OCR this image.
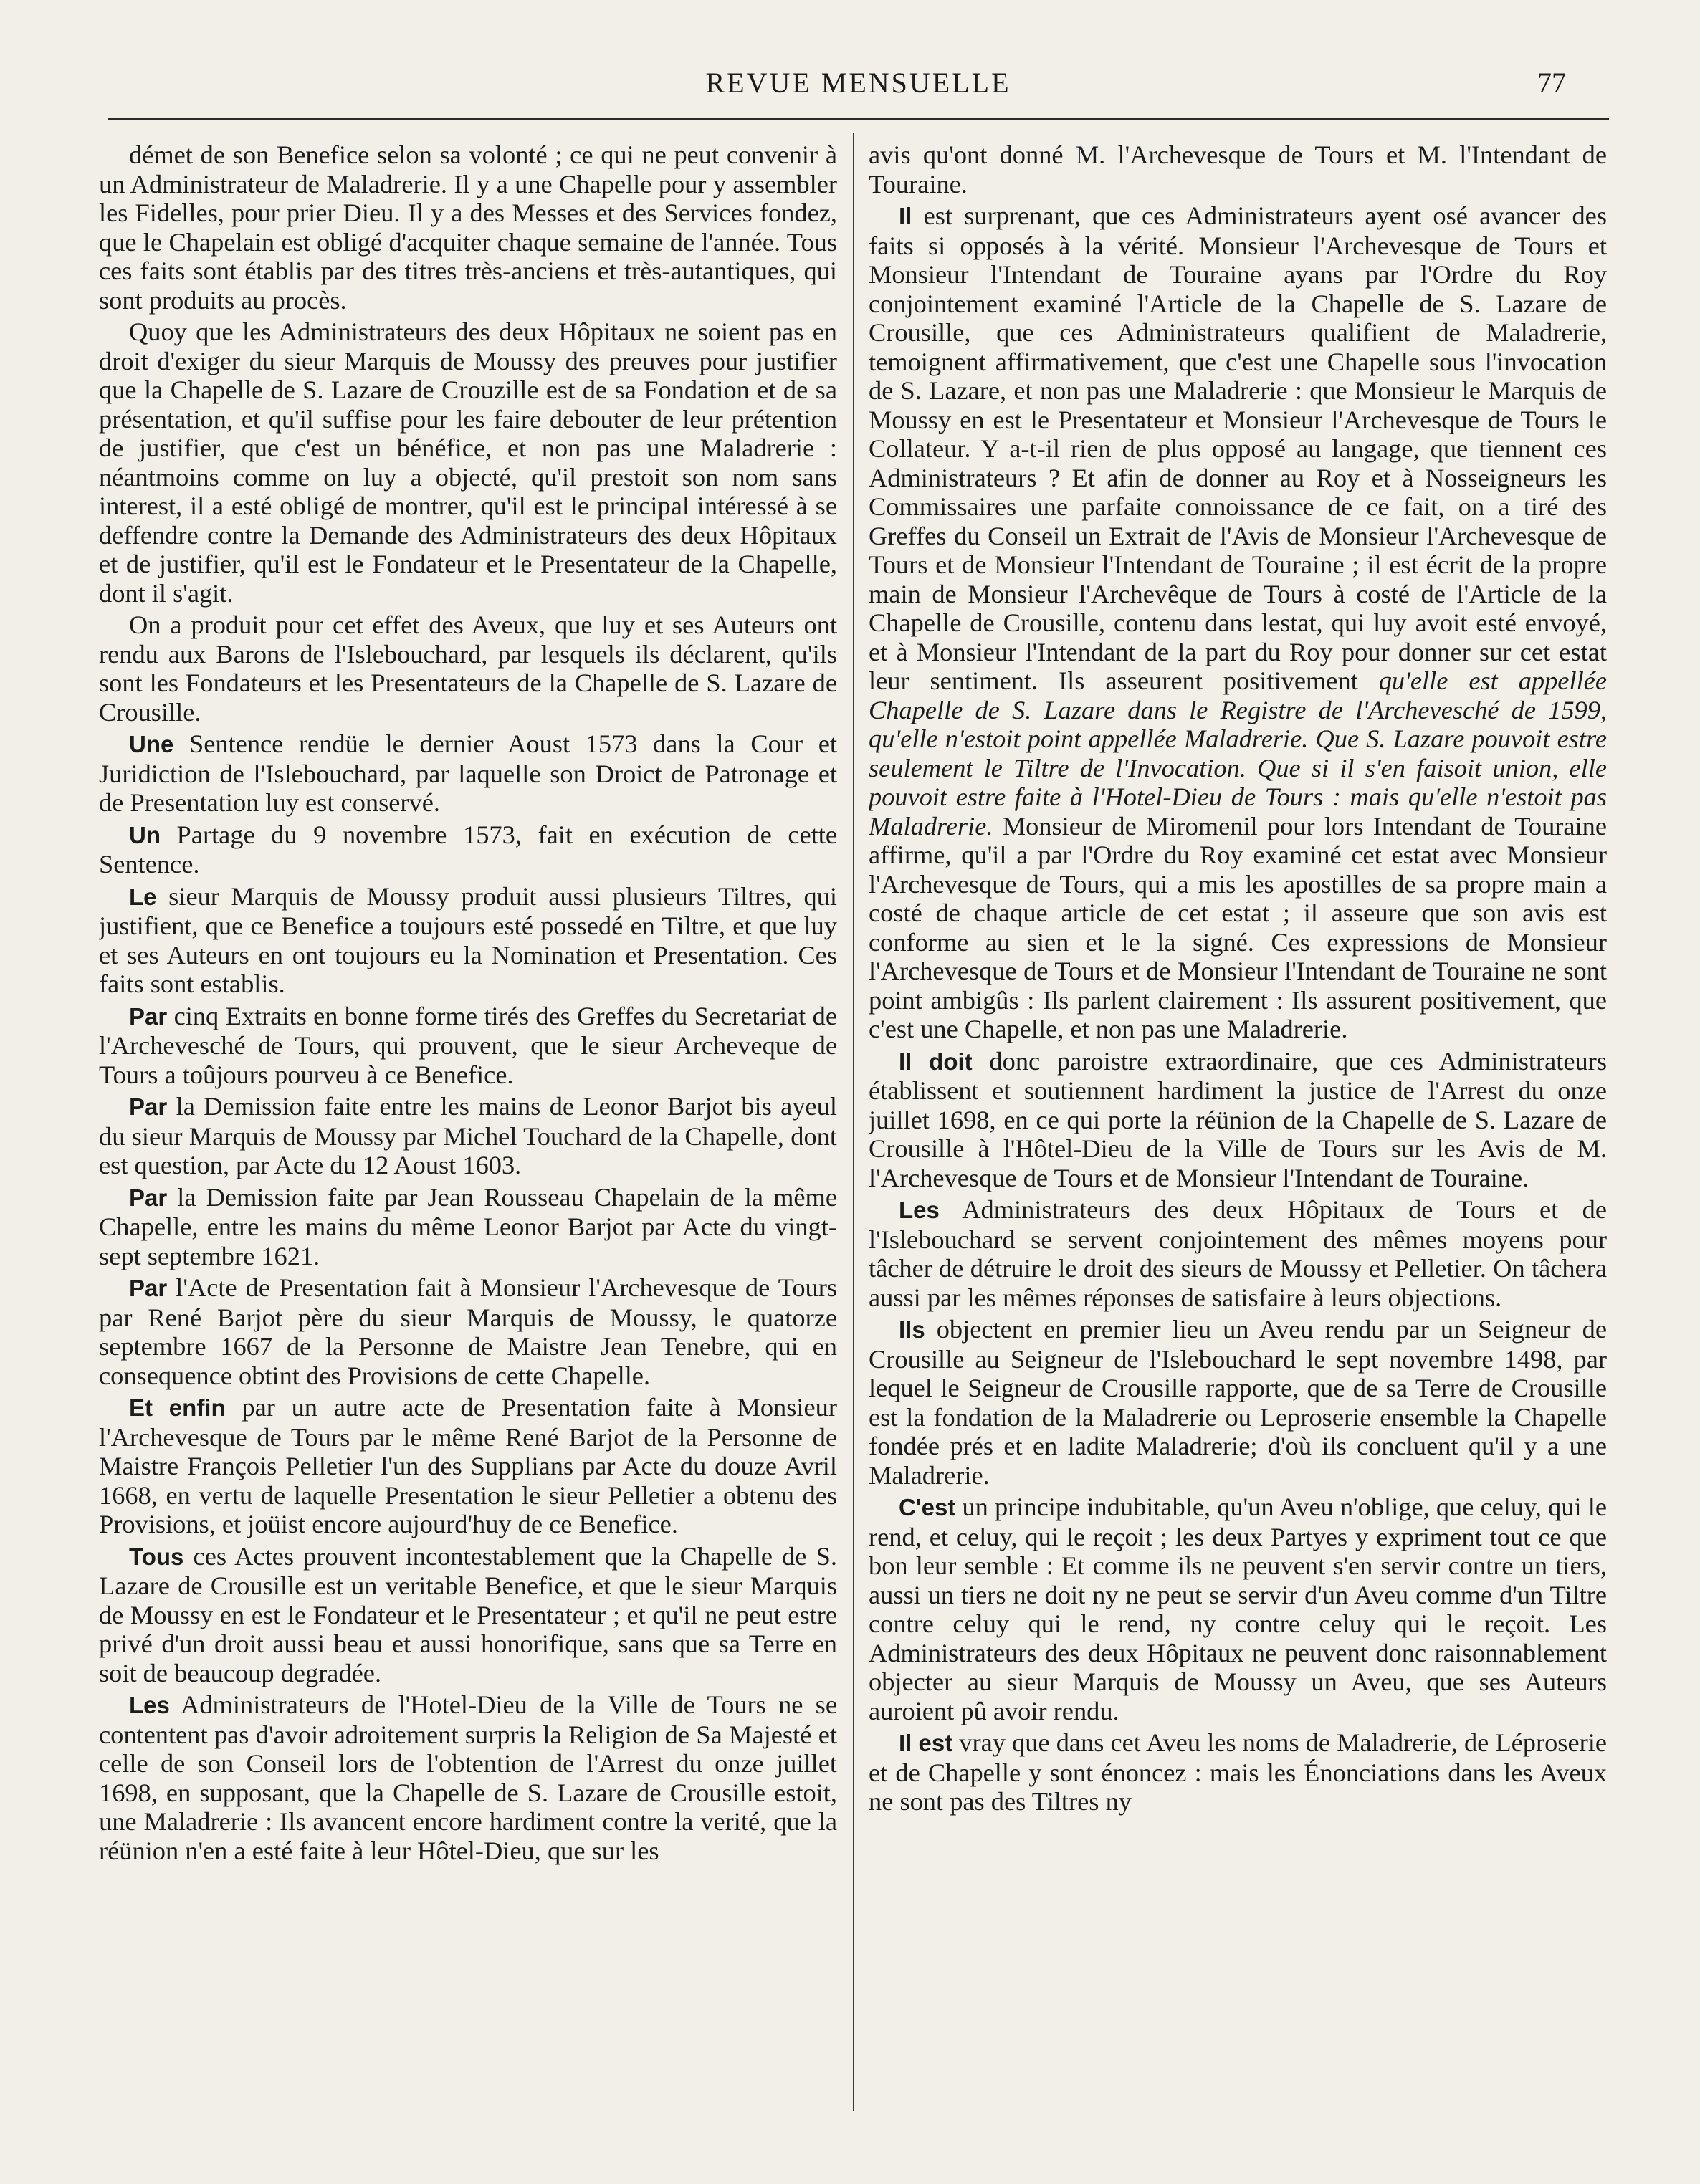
REVUE MENSUELLE	77

démet de son Benefice selon sa volonté ; ce qui ne peut convenir à un Administrateur de Maladrerie. Il y a une Chapelle pour y assembler les Fidelles, pour prier Dieu. Il y a des Messes et des Services fondez, que le Chapelain est obligé d'acquiter chaque semaine de l'année. Tous ces faits sont établis par des titres très-anciens et très-autantiques, qui sont produits au procès.

Quoy que les Administrateurs des deux Hôpitaux ne soient pas en droit d'exiger du sieur Marquis de Moussy des preuves pour justifier que la Chapelle de S. Lazare de Crouzille est de sa Fondation et de sa présentation, et qu'il suffise pour les faire debouter de leur prétention de justifier, que c'est un bénéfice, et non pas une Maladrerie : néantmoins comme on luy a objecté, qu'il prestoit son nom sans interest, il a esté obligé de montrer, qu'il est le principal intéressé à se deffendre contre la Demande des Administrateurs des deux Hôpitaux et de justifier, qu'il est le Fondateur et le Presentateur de la Chapelle, dont il s'agit.

On a produit pour cet effet des Aveux, que luy et ses Auteurs ont rendu aux Barons de l'Islebouchard, par lesquels ils déclarent, qu'ils sont les Fondateurs et les Presentateurs de la Chapelle de S. Lazare de Crousille.

Une Sentence rendüe le dernier Aoust 1573 dans la Cour et Juridiction de l'Islebouchard, par laquelle son Droict de Patronage et de Presentation luy est conservé.

Un Partage du 9 novembre 1573, fait en exécution de cette Sentence.

Le sieur Marquis de Moussy produit aussi plusieurs Tiltres, qui justifient, que ce Benefice a toujours esté possedé en Tiltre, et que luy et ses Auteurs en ont toujours eu la Nomination et Presentation. Ces faits sont establis.

Par cinq Extraits en bonne forme tirés des Greffes du Secretariat de l'Archevesché de Tours, qui prouvent, que le sieur Archeveque de Tours a toûjours pourveu à ce Benefice.

Par la Demission faite entre les mains de Leonor Barjot bis ayeul du sieur Marquis de Moussy par Michel Touchard de la Chapelle, dont est question, par Acte du 12 Aoust 1603.

Par la Demission faite par Jean Rousseau Chapelain de la même Chapelle, entre les mains du même Leonor Barjot par Acte du vingt-sept septembre 1621.

Par l'Acte de Presentation fait à Monsieur l'Archevesque de Tours par René Barjot père du sieur Marquis de Moussy, le quatorze septembre 1667 de la Personne de Maistre Jean Tenebre, qui en consequence obtint des Provisions de cette Chapelle.

Et enfin par un autre acte de Presentation faite à Monsieur l'Archevesque de Tours par le même René Barjot de la Personne de Maistre François Pelletier l'un des Supplians par Acte du douze Avril 1668, en vertu de laquelle Presentation le sieur Pelletier a obtenu des Provisions, et joüist encore aujourd'huy de ce Benefice.

Tous ces Actes prouvent incontestablement que la Chapelle de S. Lazare de Crousille est un veritable Benefice, et que le sieur Marquis de Moussy en est le Fondateur et le Presentateur ; et qu'il ne peut estre privé d'un droit aussi beau et aussi honorifique, sans que sa Terre en soit de beaucoup degradée.

Les Administrateurs de l'Hotel-Dieu de la Ville de Tours ne se contentent pas d'avoir adroitement surpris la Religion de Sa Majesté et celle de son Conseil lors de l'obtention de l'Arrest du onze juillet 1698, en supposant, que la Chapelle de S. Lazare de Crousille estoit, une Maladrerie : Ils avancent encore hardiment contre la verité, que la réünion n'en a esté faite à leur Hôtel-Dieu, que sur les

avis qu'ont donné M. l'Archevesque de Tours et M. l'Intendant de Touraine.

Il est surprenant, que ces Administrateurs ayent osé avancer des faits si opposés à la vérité. Monsieur l'Archevesque de Tours et Monsieur l'Intendant de Touraine ayans par l'Ordre du Roy conjointement examiné l'Article de la Chapelle de S. Lazare de Crousille, que ces Administrateurs qualifient de Maladrerie, temoignent affirmativement, que c'est une Chapelle sous l'invocation de S. Lazare, et non pas une Maladrerie : que Monsieur le Marquis de Moussy en est le Presentateur et Monsieur l'Archevesque de Tours le Collateur. Y a-t-il rien de plus opposé au langage, que tiennent ces Administrateurs ? Et afin de donner au Roy et à Nosseigneurs les Commissaires une parfaite connoissance de ce fait, on a tiré des Greffes du Conseil un Extrait de l'Avis de Monsieur l'Archevesque de Tours et de Monsieur l'Intendant de Touraine ; il est écrit de la propre main de Monsieur l'Archevêque de Tours à costé de l'Article de la Chapelle de Crousille, contenu dans lestat, qui luy avoit esté envoyé, et à Monsieur l'Intendant de la part du Roy pour donner sur cet estat leur sentiment. Ils asseurent positivement qu'elle est appellée Chapelle de S. Lazare dans le Registre de l'Archevesché de 1599, qu'elle n'estoit point appellée Maladrerie. Que S. Lazare pouvoit estre seulement le Tiltre de l'Invocation. Que si il s'en faisoit union, elle pouvoit estre faite à l'Hotel-Dieu de Tours : mais qu'elle n'estoit pas Maladrerie. Monsieur de Miromenil pour lors Intendant de Touraine affirme, qu'il a par l'Ordre du Roy examiné cet estat avec Monsieur l'Archevesque de Tours, qui a mis les apostilles de sa propre main a costé de chaque article de cet estat ; il asseure que son avis est conforme au sien et le la signé. Ces expressions de Monsieur l'Archevesque de Tours et de Monsieur l'Intendant de Touraine ne sont point ambigûs : Ils parlent clairement : Ils assurent positivement, que c'est une Chapelle, et non pas une Maladrerie.

Il doit donc paroistre extraordinaire, que ces Administrateurs établissent et soutiennent hardiment la justice de l'Arrest du onze juillet 1698, en ce qui porte la réünion de la Chapelle de S. Lazare de Crousille à l'Hôtel-Dieu de la Ville de Tours sur les Avis de M. l'Archevesque de Tours et de Monsieur l'Intendant de Touraine.

Les Administrateurs des deux Hôpitaux de Tours et de l'Islebouchard se servent conjointement des mêmes moyens pour tâcher de détruire le droit des sieurs de Moussy et Pelletier. On tâchera aussi par les mêmes réponses de satisfaire à leurs objections.

Ils objectent en premier lieu un Aveu rendu par un Seigneur de Crousille au Seigneur de l'Islebouchard le sept novembre 1498, par lequel le Seigneur de Crousille rapporte, que de sa Terre de Crousille est la fondation de la Maladrerie ou Leproserie ensemble la Chapelle fondée prés et en ladite Maladrerie; d'où ils concluent qu'il y a une Maladrerie.

C'est un principe indubitable, qu'un Aveu n'oblige, que celuy, qui le rend, et celuy, qui le reçoit ; les deux Partyes y expriment tout ce que bon leur semble : Et comme ils ne peuvent s'en servir contre un tiers, aussi un tiers ne doit ny ne peut se servir d'un Aveu comme d'un Tiltre contre celuy qui le rend, ny contre celuy qui le reçoit. Les Administrateurs des deux Hôpitaux ne peuvent donc raisonnablement objecter au sieur Marquis de Moussy un Aveu, que ses Auteurs auroient pû avoir rendu.

Il est vray que dans cet Aveu les noms de Maladrerie, de Léproserie et de Chapelle y sont énoncez : mais les Énonciations dans les Aveux ne sont pas des Tiltres ny
